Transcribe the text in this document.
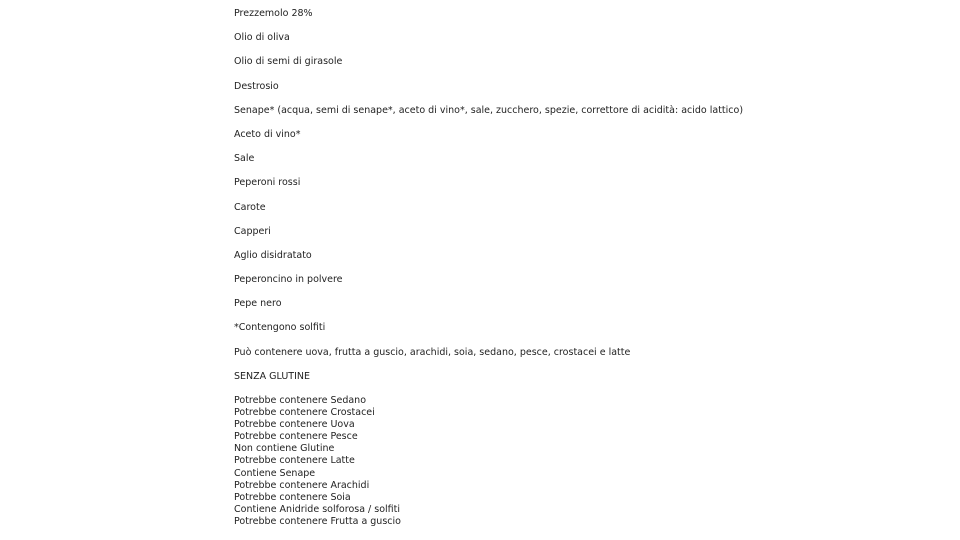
Prezzemolo 28%

Olio di oliva

Olio di semi di girasole

Destrosio

Senape* (acqua, semi di senape*, aceto di vino*, sale, zucchero, spezie, correttore di acidità: acido lattico)

Aceto di vino*

Sale

Peperoni rossi

Carote

Capperi

Aglio disidratato

Peperoncino in polvere

Pepe nero

*Contengono solfiti

Può contenere uova, frutta a guscio, arachidi, soia, sedano, pesce, crostacei e latte

SENZA GLUTINE

Potrebbe contenere Sedano
Potrebbe contenere Crostacei
Potrebbe contenere Uova
Potrebbe contenere Pesce
Non contiene Glutine
Potrebbe contenere Latte
Contiene Senape
Potrebbe contenere Arachidi
Potrebbe contenere Soia
Contiene Anidride solforosa / solfiti
Potrebbe contenere Frutta a guscio
